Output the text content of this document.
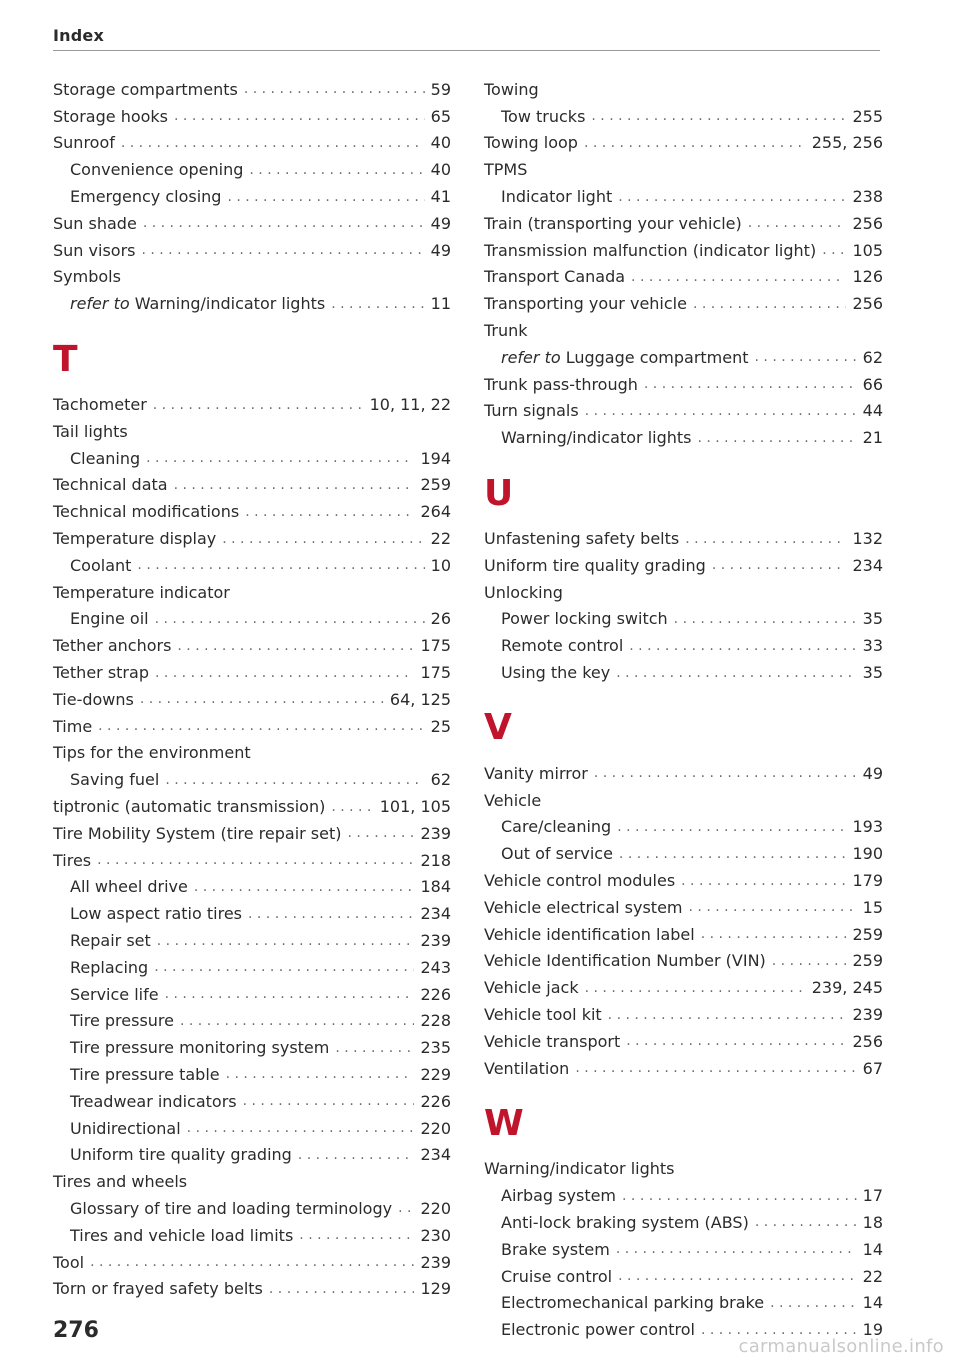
Index
Storage compartments . . .	59
Storage hooks . . .	65
Sunroof . . .	40
Convenience opening . . .	40
Emergency closing . . .	41
Sun shade . . .	49
Sun visors . . .	49
Symbols
refer to Warning/indicator lights . . .	11
T
Tachometer . . .	10, 11, 22
Tail lights
Cleaning . . .	194
Technical data . . .	259
Technical modifications . . .	264
Temperature display . . .	22
Coolant . . .	10
Temperature indicator
Engine oil . . .	26
Tether anchors . . .	175
Tether strap . . .	175
Tie-downs . . .	64, 125
Time . . .	25
Tips for the environment
Saving fuel . . .	62
tiptronic (automatic transmission) . . .	101, 105
Tire Mobility System (tire repair set) . . .	239
Tires . . .	218
All wheel drive . . .	184
Low aspect ratio tires . . .	234
Repair set . . .	239
Replacing . . .	243
Service life . . .	226
Tire pressure . . .	228
Tire pressure monitoring system . . .	235
Tire pressure table . . .	229
Treadwear indicators . . .	226
Unidirectional . . .	220
Uniform tire quality grading . . .	234
Tires and wheels
Glossary of tire and loading terminology . . . 220
Tires and vehicle load limits . . .	230
Tool . . .	239
Torn or frayed safety belts . . .	129
Towing
Tow trucks . . .	255
Towing loop . . .	255, 256
TPMS
Indicator light . . .	238
Train (transporting your vehicle) . . .	256
Transmission malfunction (indicator light) . . . 105
Transport Canada . . .	126
Transporting your vehicle . . .	256
Trunk
refer to Luggage compartment . . .	62
Trunk pass-through . . .	66
Turn signals . . .	44
Warning/indicator lights . . .	21
U
Unfastening safety belts . . .	132
Uniform tire quality grading . . .	234
Unlocking
Power locking switch . . .	35
Remote control . . .	33
Using the key . . .	35
V
Vanity mirror . . .	49
Vehicle
Care/cleaning . . .	193
Out of service . . .	190
Vehicle control modules . . .	179
Vehicle electrical system . . .	15
Vehicle identification label . . .	259
Vehicle Identification Number (VIN) . . .	259
Vehicle jack . . .	239, 245
Vehicle tool kit . . .	239
Vehicle transport . . .	256
Ventilation . . .	67
W
Warning/indicator lights
Airbag system . . .	17
Anti-lock braking system (ABS) . . .	18
Brake system . . .	14
Cruise control . . .	22
Electromechanical parking brake . . .	14
Electronic power control . . .	19
276
carmanualsonline.info
